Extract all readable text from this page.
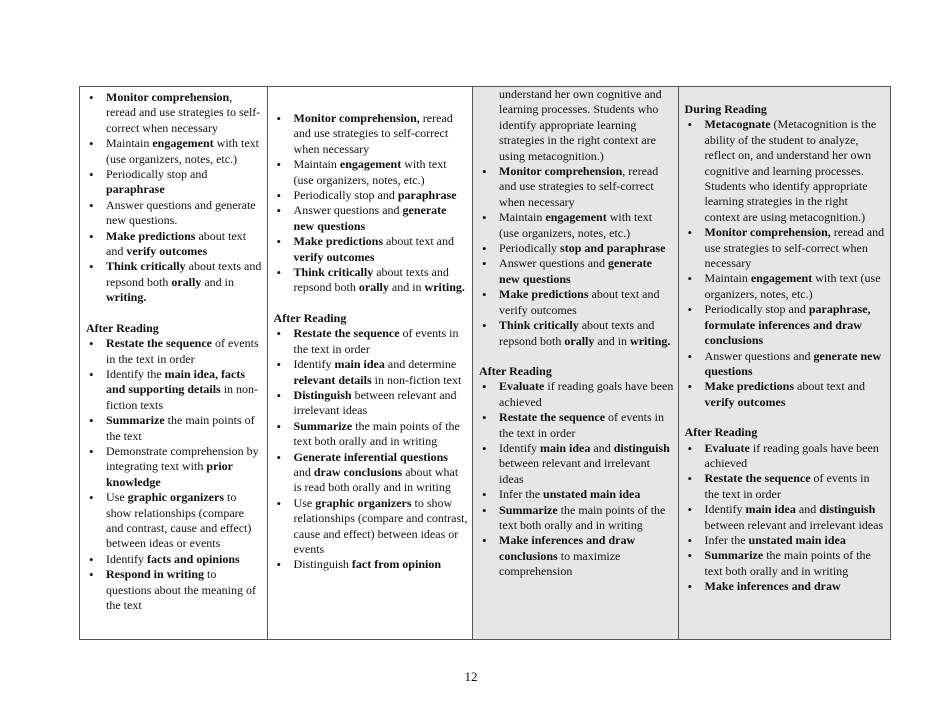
• Monitor comprehension, reread and use strategies to self-correct when necessary
• Maintain engagement with text (use organizers, notes, etc.)
• Periodically stop and paraphrase
• Answer questions and generate new questions.
• Make predictions about text and verify outcomes
• Think critically about texts and repsond both orally and in writing.
After Reading
• Restate the sequence of events in the text in order
• Identify the main idea, facts and supporting details in non-fiction texts
• Summarize the main points of the text
• Demonstrate comprehension by integrating text with prior knowledge
• Use graphic organizers to show relationships (compare and contrast, cause and effect) between ideas or events
• Identify facts and opinions
• Respond in writing to questions about the meaning of the text
• Monitor comprehension, reread and use strategies to self-correct when necessary
• Maintain engagement with text (use organizers, notes, etc.)
• Periodically stop and paraphrase
• Answer questions and generate new questions
• Make predictions about text and verify outcomes
• Think critically about texts and repsond both orally and in writing.
After Reading
• Restate the sequence of events in the text in order
• Identify main idea and determine relevant details in non-fiction text
• Distinguish between relevant and irrelevant ideas
• Summarize the main points of the text both orally and in writing
• Generate inferential questions and draw conclusions about what is read both orally and in writing
• Use graphic organizers to show relationships (compare and contrast, cause and effect) between ideas or events
• Distinguish fact from opinion
understand her own cognitive and learning processes. Students who identify appropriate learning strategies in the right context are using metacognition.)
• Monitor comprehension, reread and use strategies to self-correct when necessary
• Maintain engagement with text (use organizers, notes, etc.)
• Periodically stop and paraphrase
• Answer questions and generate new questions
• Make predictions about text and verify outcomes
• Think critically about texts and repsond both orally and in writing.
After Reading
• Evaluate if reading goals have been achieved
• Restate the sequence of events in the text in order
• Identify main idea and distinguish between relevant and irrelevant ideas
• Infer the unstated main idea
• Summarize the main points of the text both orally and in writing
• Make inferences and draw conclusions to maximize comprehension
During Reading
• Metacognate (Metacognition is the ability of the student to analyze, reflect on, and understand her own cognitive and learning processes. Students who identify appropriate learning strategies in the right context are using metacognition.)
• Monitor comprehension, reread and use strategies to self-correct when necessary
• Maintain engagement with text (use organizers, notes, etc.)
• Periodically stop and paraphrase, formulate inferences and draw conclusions
• Answer questions and generate new questions
• Make predictions about text and verify outcomes
After Reading
• Evaluate if reading goals have been achieved
• Restate the sequence of events in the text in order
• Identify main idea and distinguish between relevant and irrelevant ideas
• Infer the unstated main idea
• Summarize the main points of the text both orally and in writing
• Make inferences and draw
12
